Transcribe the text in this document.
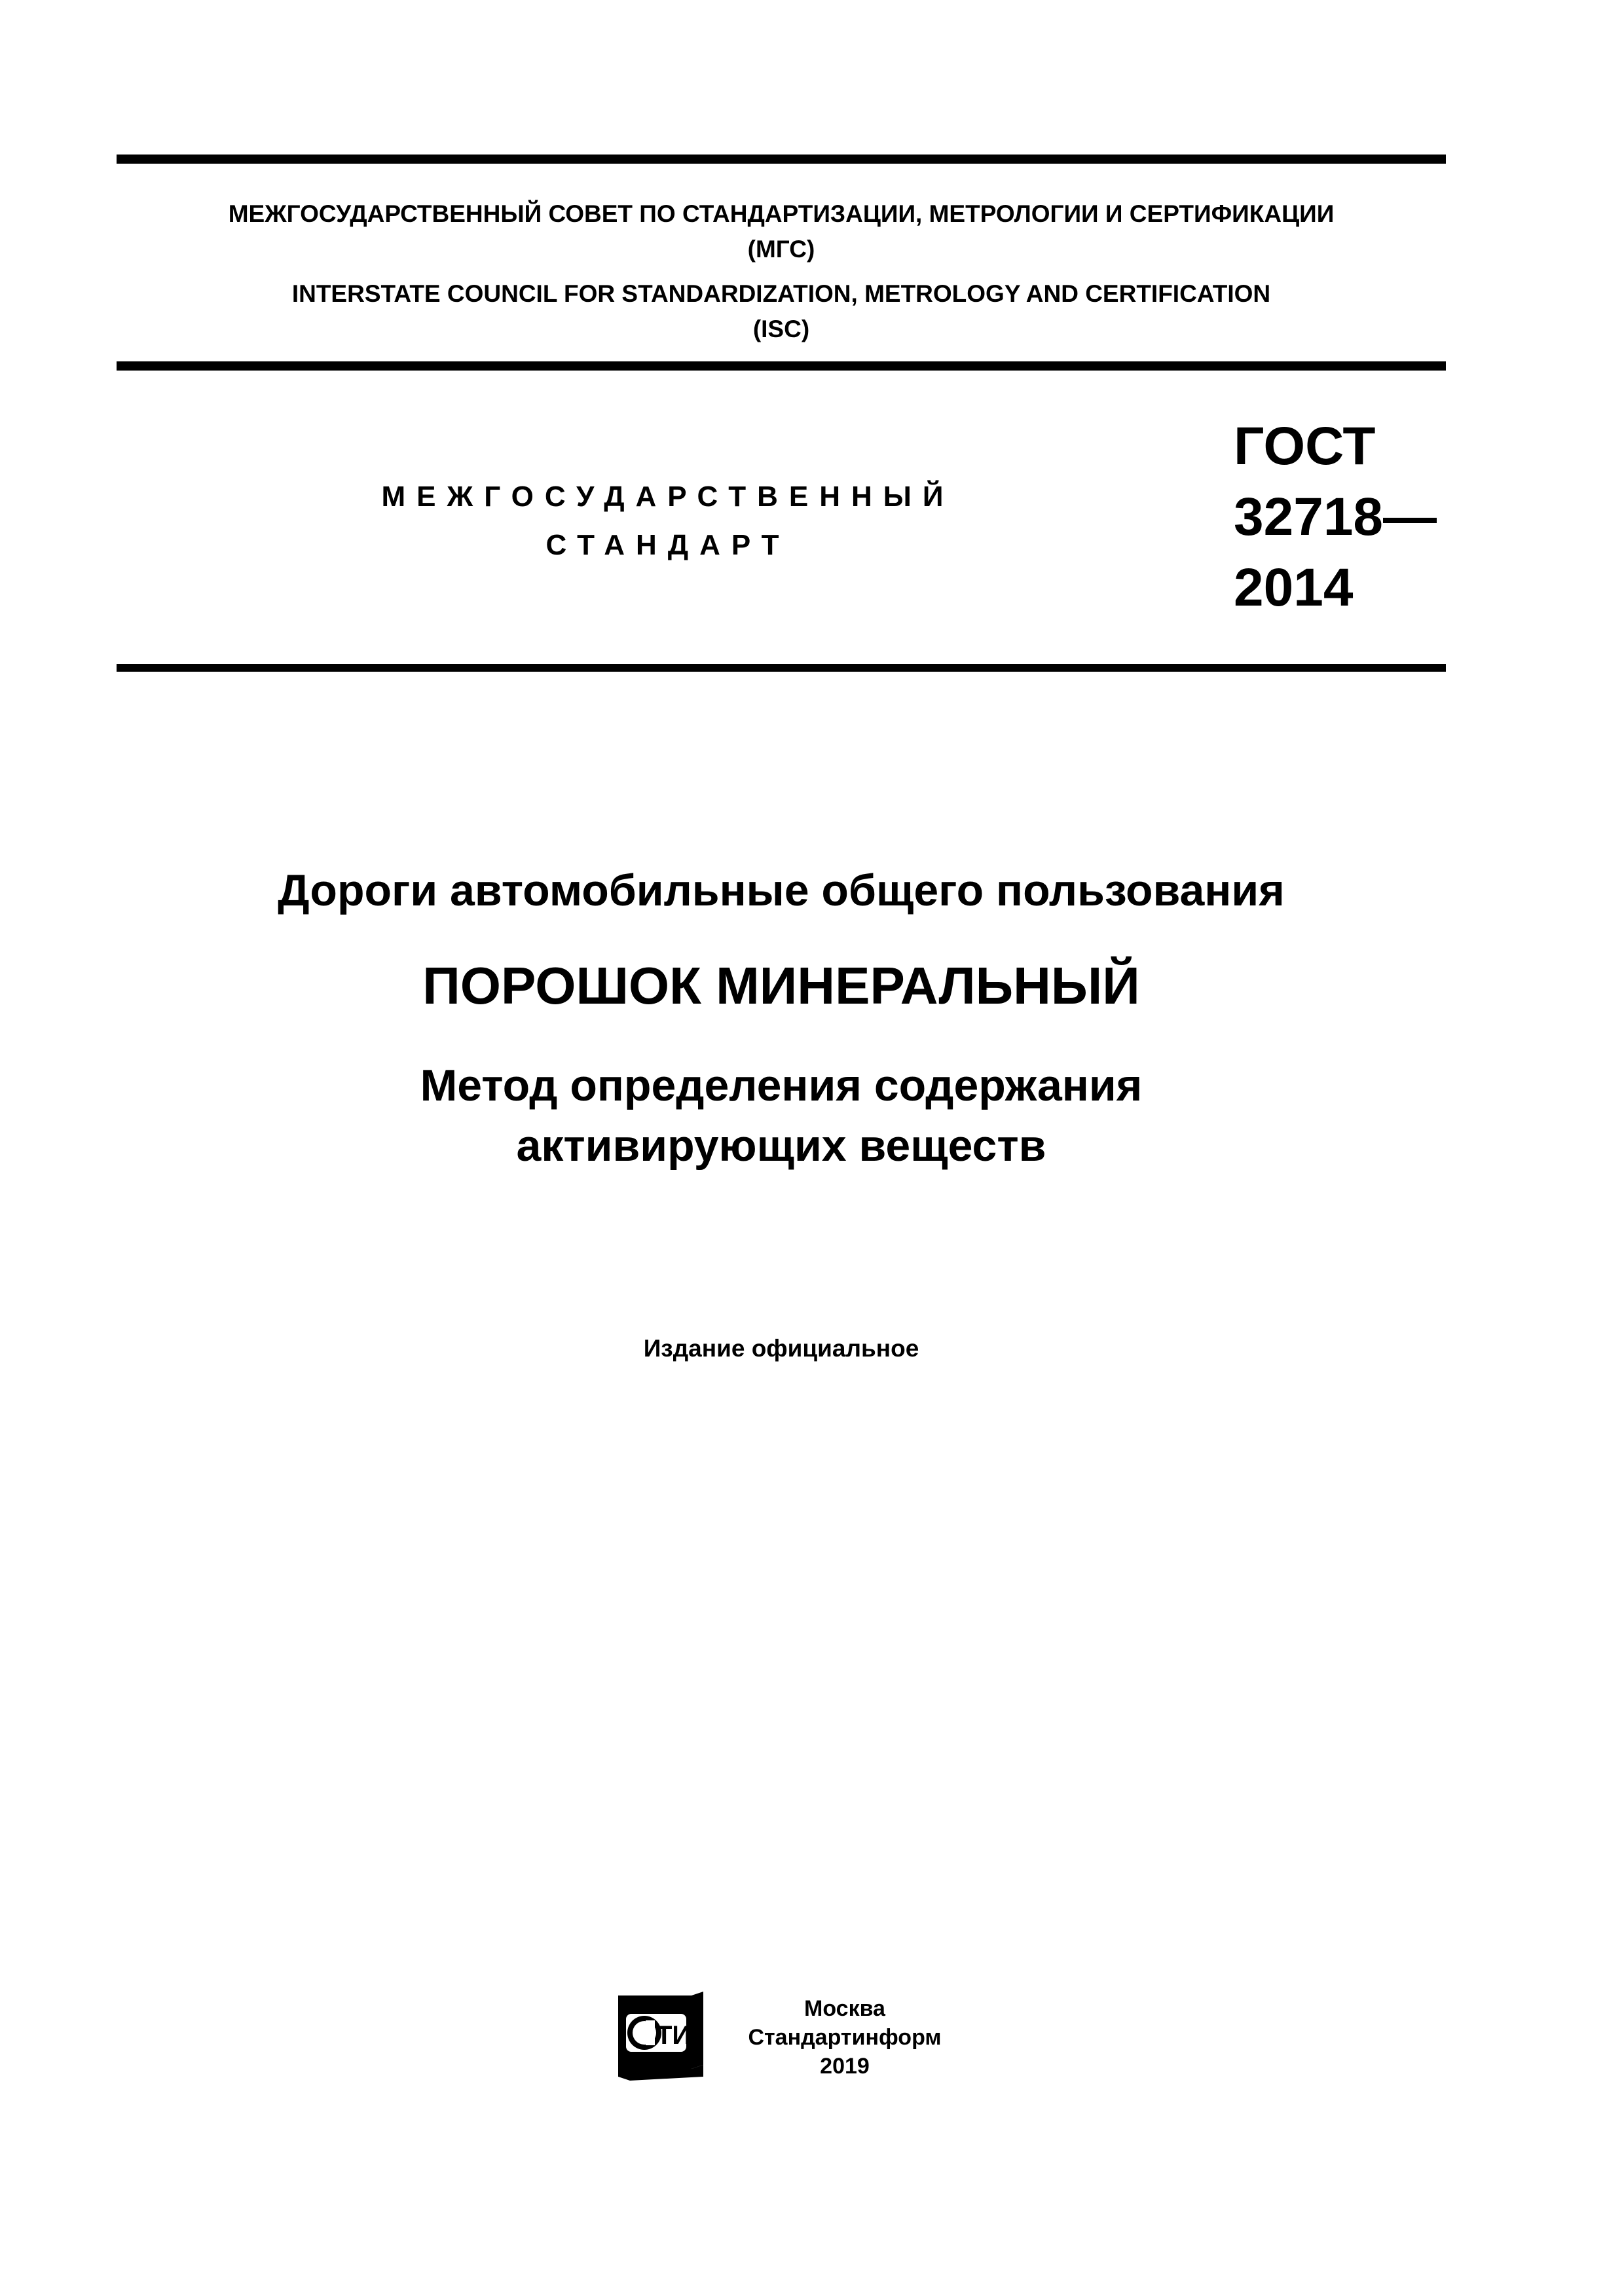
МЕЖГОСУДАРСТВЕННЫЙ СОВЕТ ПО СТАНДАРТИЗАЦИИ, МЕТРОЛОГИИ И СЕРТИФИКАЦИИ
(МГС)
INTERSTATE COUNCIL FOR STANDARDIZATION, METROLOGY AND CERTIFICATION
(ISC)
МЕЖГОСУДАРСТВЕННЫЙ
СТАНДАРТ
ГОСТ
32718—
2014
Дороги автомобильные общего пользования
ПОРОШОК МИНЕРАЛЬНЫЙ
Метод определения содержания
активирующих веществ
Издание официальное
ТИ
Москва
Стандартинформ
2019
